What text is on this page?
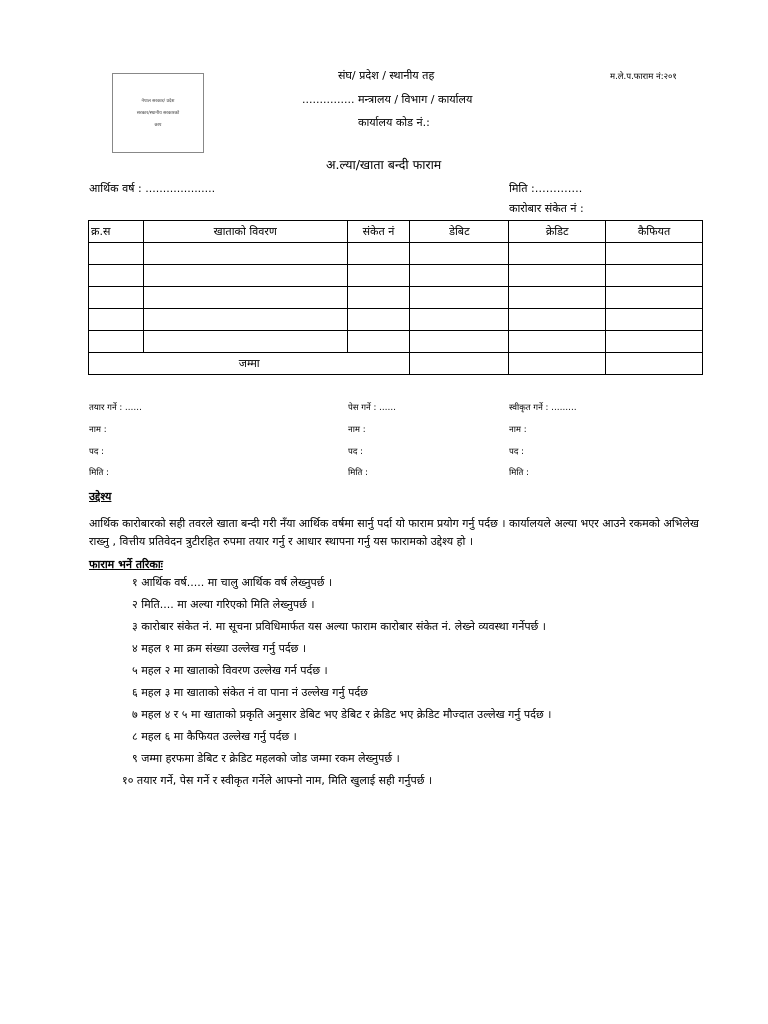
नेपाल सरकार/ प्रदेश
सरकार/स्थानीय सरकारको
छाप
संघ/ प्रदेश / स्थानीय तह
............... मन्त्रालय / विभाग / कार्यालय
कार्यालय कोड नं.:
म.ले.प.फाराम नं:२०१
अ.ल्या/खाता बन्दी फाराम
आर्थिक वर्ष : ....................	मिति :………….
कारोबार संकेत नं :
क्र.स	खाताको विवरण	संकेत नं	डेबिट	क्रेडिट	कैफियत

जम्मा					
तयार गर्ने : ……
नाम :
पद :
मिति :
पेस गर्ने : ……
नाम :
पद :
मिति :
स्वीकृत गर्ने : ………
नाम :
पद :
मिति :
उद्देश्य
आर्थिक कारोबारको सही तवरले खाता बन्दी गरी नँया आर्थिक वर्षमा सार्नु पर्दा यो फाराम प्रयोग गर्नु पर्दछ । कार्यालयले अल्या भएर आउने रकमको अभिलेख राख्नु , वित्तीय प्रतिवेदन त्रुटीरहित रुपमा तयार गर्नु र आधार स्थापना गर्नु यस फारामको उद्देश्य हो ।
फाराम भर्ने तरिकाः
१ आर्थिक वर्ष..... मा चालु आर्थिक वर्ष लेख्नुपर्छ ।
२ मिति.... मा अल्या गरिएको मिति लेख्नुपर्छ ।
३ कारोबार संकेत नं. मा सूचना प्रविधिमार्फत यस अल्या फाराम कारोबार संकेत नं. लेख्ने व्यवस्था गर्नेपर्छ ।
४ महल १ मा क्रम संख्या उल्लेख गर्नु पर्दछ ।
५ महल २ मा खाताको विवरण उल्लेख गर्न पर्दछ ।
६ महल ३ मा खाताको संकेत नं वा पाना नं उल्लेख गर्नु पर्दछ
७ महल ४ र ५ मा खाताको प्रकृति अनुसार डेबिट भए डेबिट र क्रेडिट भए क्रेडिट मौज्दात उल्लेख गर्नु पर्दछ ।
८ महल ६ मा कैफियत उल्लेख गर्नु पर्दछ ।
९ जम्मा हरफमा डेबिट र क्रेडिट महलको जोड जम्मा रकम लेख्नुपर्छ ।
१० तयार गर्ने, पेस गर्ने र स्वीकृत गर्नेले आफ्नो नाम, मिति खुलाई सही गर्नुपर्छ ।
